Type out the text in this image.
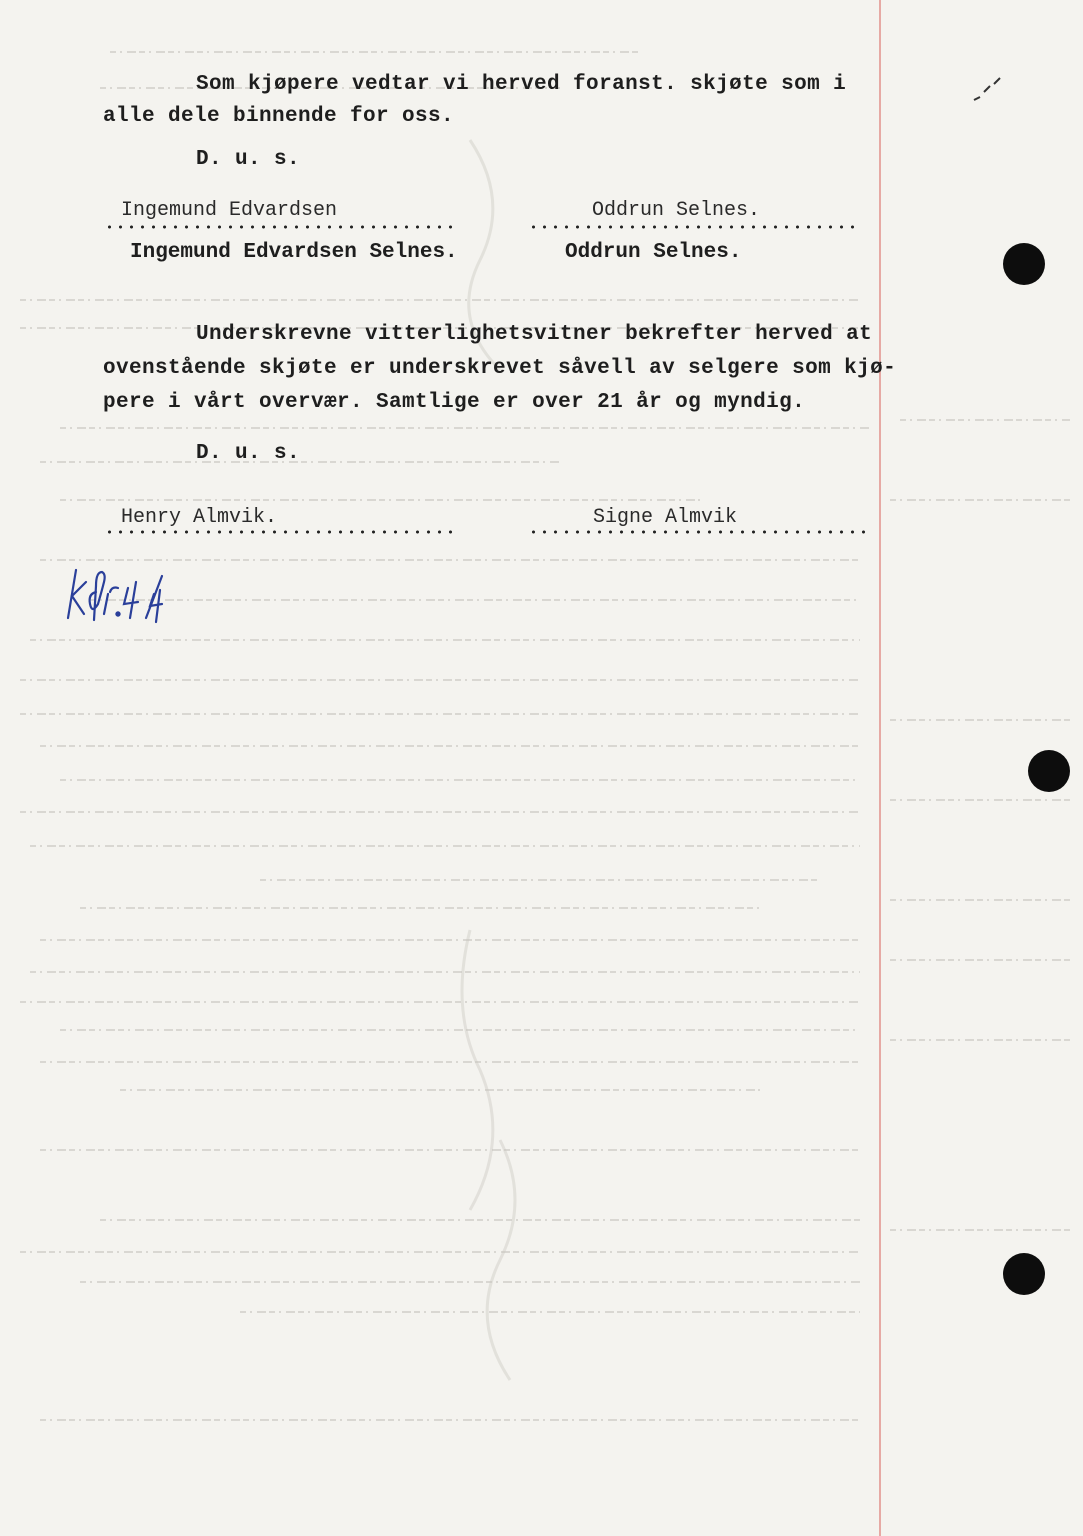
Som kjøpere vedtar vi herved foranst. skjøte som i
alle dele binnende for oss.
D. u. s.
Ingemund Edvardsen
Ingemund Edvardsen Selnes.
Oddrun Selnes.
Oddrun Selnes.
Underskrevne vitterlighetsvitner bekrefter herved at
ovenstående skjøte er underskrevet såvell av selgere som kjø-
pere i vårt overvær. Samtlige er over 21 år og myndig.
D. u. s.
Henry Almvik.	Signe Almvik
